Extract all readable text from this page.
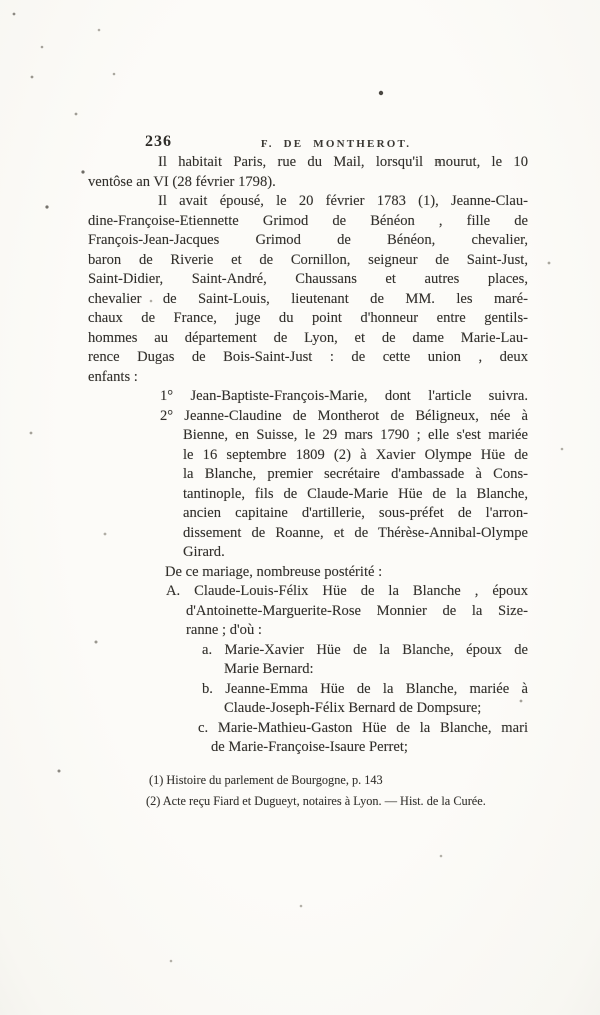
236	F. DE MONTHEROT.
Il habitait Paris, rue du Mail, lorsqu'il mourut, le 10
ventôse an VI (28 février 1798).
Il avait épousé, le 20 février 1783 (1), Jeanne-Clau-
dine-Françoise-Etiennette Grimod de Bénéon , fille de
François-Jean-Jacques Grimod de Bénéon, chevalier,
baron de Riverie et de Cornillon, seigneur de Saint-Just,
Saint-Didier, Saint-André, Chaussans et autres places,
chevalier de Saint-Louis, lieutenant de MM. les maré-
chaux de France, juge du point d'honneur entre gentils-
hommes au département de Lyon, et de dame Marie-Lau-
rence Dugas de Bois-Saint-Just : de cette union , deux
enfants :
1° Jean-Baptiste-François-Marie, dont l'article suivra.
2° Jeanne-Claudine de Montherot de Béligneux, née à
Bienne, en Suisse, le 29 mars 1790 ; elle s'est mariée
le 16 septembre 1809 (2) à Xavier Olympe Hüe de
la Blanche, premier secrétaire d'ambassade à Cons-
tantinople, fils de Claude-Marie Hüe de la Blanche,
ancien capitaine d'artillerie, sous-préfet de l'arron-
dissement de Roanne, et de Thérèse-Annibal-Olympe
Girard.
De ce mariage, nombreuse postérité :
A. Claude-Louis-Félix Hüe de la Blanche , époux
d'Antoinette-Marguerite-Rose Monnier de la Size-
ranne ; d'où :
a. Marie-Xavier Hüe de la Blanche, époux de
Marie Bernard:
b. Jeanne-Emma Hüe de la Blanche, mariée à
Claude-Joseph-Félix Bernard de Dompsure;
c. Marie-Mathieu-Gaston Hüe de la Blanche, mari
de Marie-Françoise-Isaure Perret;
(1) Histoire du parlement de Bourgogne, p. 143
(2) Acte reçu Fiard et Dugueyt, notaires à Lyon. — Hist. de la Curée.
